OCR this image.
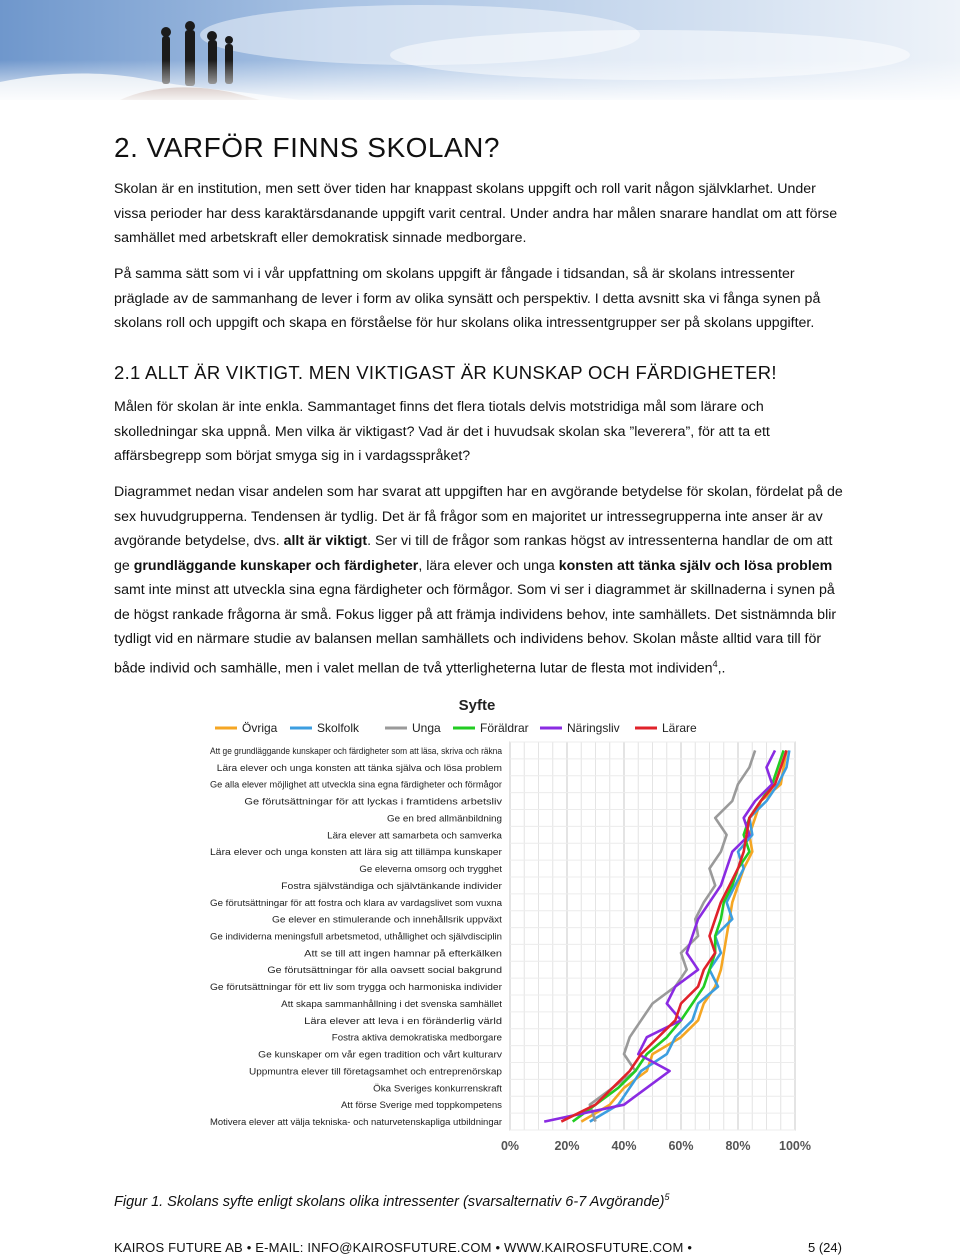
2. VARFÖR FINNS SKOLAN?

Skolan är en institution, men sett över tiden har knappast skolans uppgift och roll varit någon självklarhet. Under vissa perioder har dess karaktärsdanande uppgift varit central. Under andra har målen snarare handlat om att förse samhället med arbetskraft eller demokratisk sinnade medborgare.

På samma sätt som vi i vår uppfattning om skolans uppgift är fångade i tidsandan, så är skolans intressenter präglade av de sammanhang de lever i form av olika synsätt och perspektiv. I detta avsnitt ska vi fånga synen på skolans roll och uppgift och skapa en förståelse för hur skolans olika intressentgrupper ser på skolans uppgifter.

2.1 ALLT ÄR VIKTIGT. MEN VIKTIGAST ÄR KUNSKAP OCH FÄRDIGHETER!

Målen för skolan är inte enkla. Sammantaget finns det flera tiotals delvis motstridiga mål som lärare och skolledningar ska uppnå. Men vilka är viktigast? Vad är det i huvudsak skolan ska ”leverera”, för att ta ett affärsbegrepp som börjat smyga sig in i vardagsspråket?

Diagrammet nedan visar andelen som har svarat att uppgiften har en avgörande betydelse för skolan, fördelat på de sex huvudgrupperna. Tendensen är tydlig. Det är få frågor som en majoritet ur intressegrupperna inte anser är av avgörande betydelse, dvs. allt är viktigt. Ser vi till de frågor som rankas högst av intressenterna handlar de om att ge grundläggande kunskaper och färdigheter, lära elever och unga konsten att tänka själv och lösa problem samt inte minst att utveckla sina egna färdigheter och förmågor. Som vi ser i diagrammet är skillnaderna i synen på de högst rankade frågorna är små. Fokus ligger på att främja individens behov, inte samhällets. Det sistnämnda blir tydligt vid en närmare studie av balansen mellan samhällets och individens behov. Skolan måste alltid vara till för både individ och samhälle, men i valet mellan de två ytterligheterna lutar de flesta mot individen$^4$,.

Syfte
Övriga	Skolfolk	Unga	Föräldrar	Näringsliv	Lärare
Att ge grundläggande kunskaper och färdigheter som att läsa, skriva och räkna
Lära elever och unga konsten att tänka själva och lösa problem
Ge alla elever möjlighet att utveckla sina egna färdigheter och förmågor
Ge förutsättningar för att lyckas i framtidens arbetsliv
Ge en bred allmänbildning
Lära elever att samarbeta och samverka
Lära elever och unga konsten att lära sig att tillämpa kunskaper
Ge eleverna omsorg och trygghet
Fostra självständiga och självtänkande individer
Ge förutsättningar för att fostra och klara av vardagslivet som vuxna
Ge elever en stimulerande och innehållsrik uppväxt
Ge individerna meningsfull arbetsmetod, uthållighet och självdisciplin
Att se till att ingen hamnar på efterkälken
Ge förutsättningar för alla oavsett social bakgrund
Ge förutsättningar för ett liv som trygga och harmoniska individer
Att skapa sammanhållning i det svenska samhället
Lära elever att leva i en föränderlig värld
Fostra aktiva demokratiska medborgare
Ge kunskaper om vår egen tradition och vårt kulturarv
Uppmuntra elever till företagsamhet och entreprenörskap
Öka Sveriges konkurrenskraft
Att förse Sverige med toppkompetens
Motivera elever att välja tekniska- och naturvetenskapliga utbildningar
0%	20%	40%	60%	80% 100%
Figur 1. Skolans syfte enligt skolans olika intressenter (svarsalternativ 6-7 Avgörande)$^5$
KAIROS FUTURE AB • E-MAIL: INFO@KAIROSFUTURE.COM • WWW.KAIROSFUTURE.COM •	5 (24)
